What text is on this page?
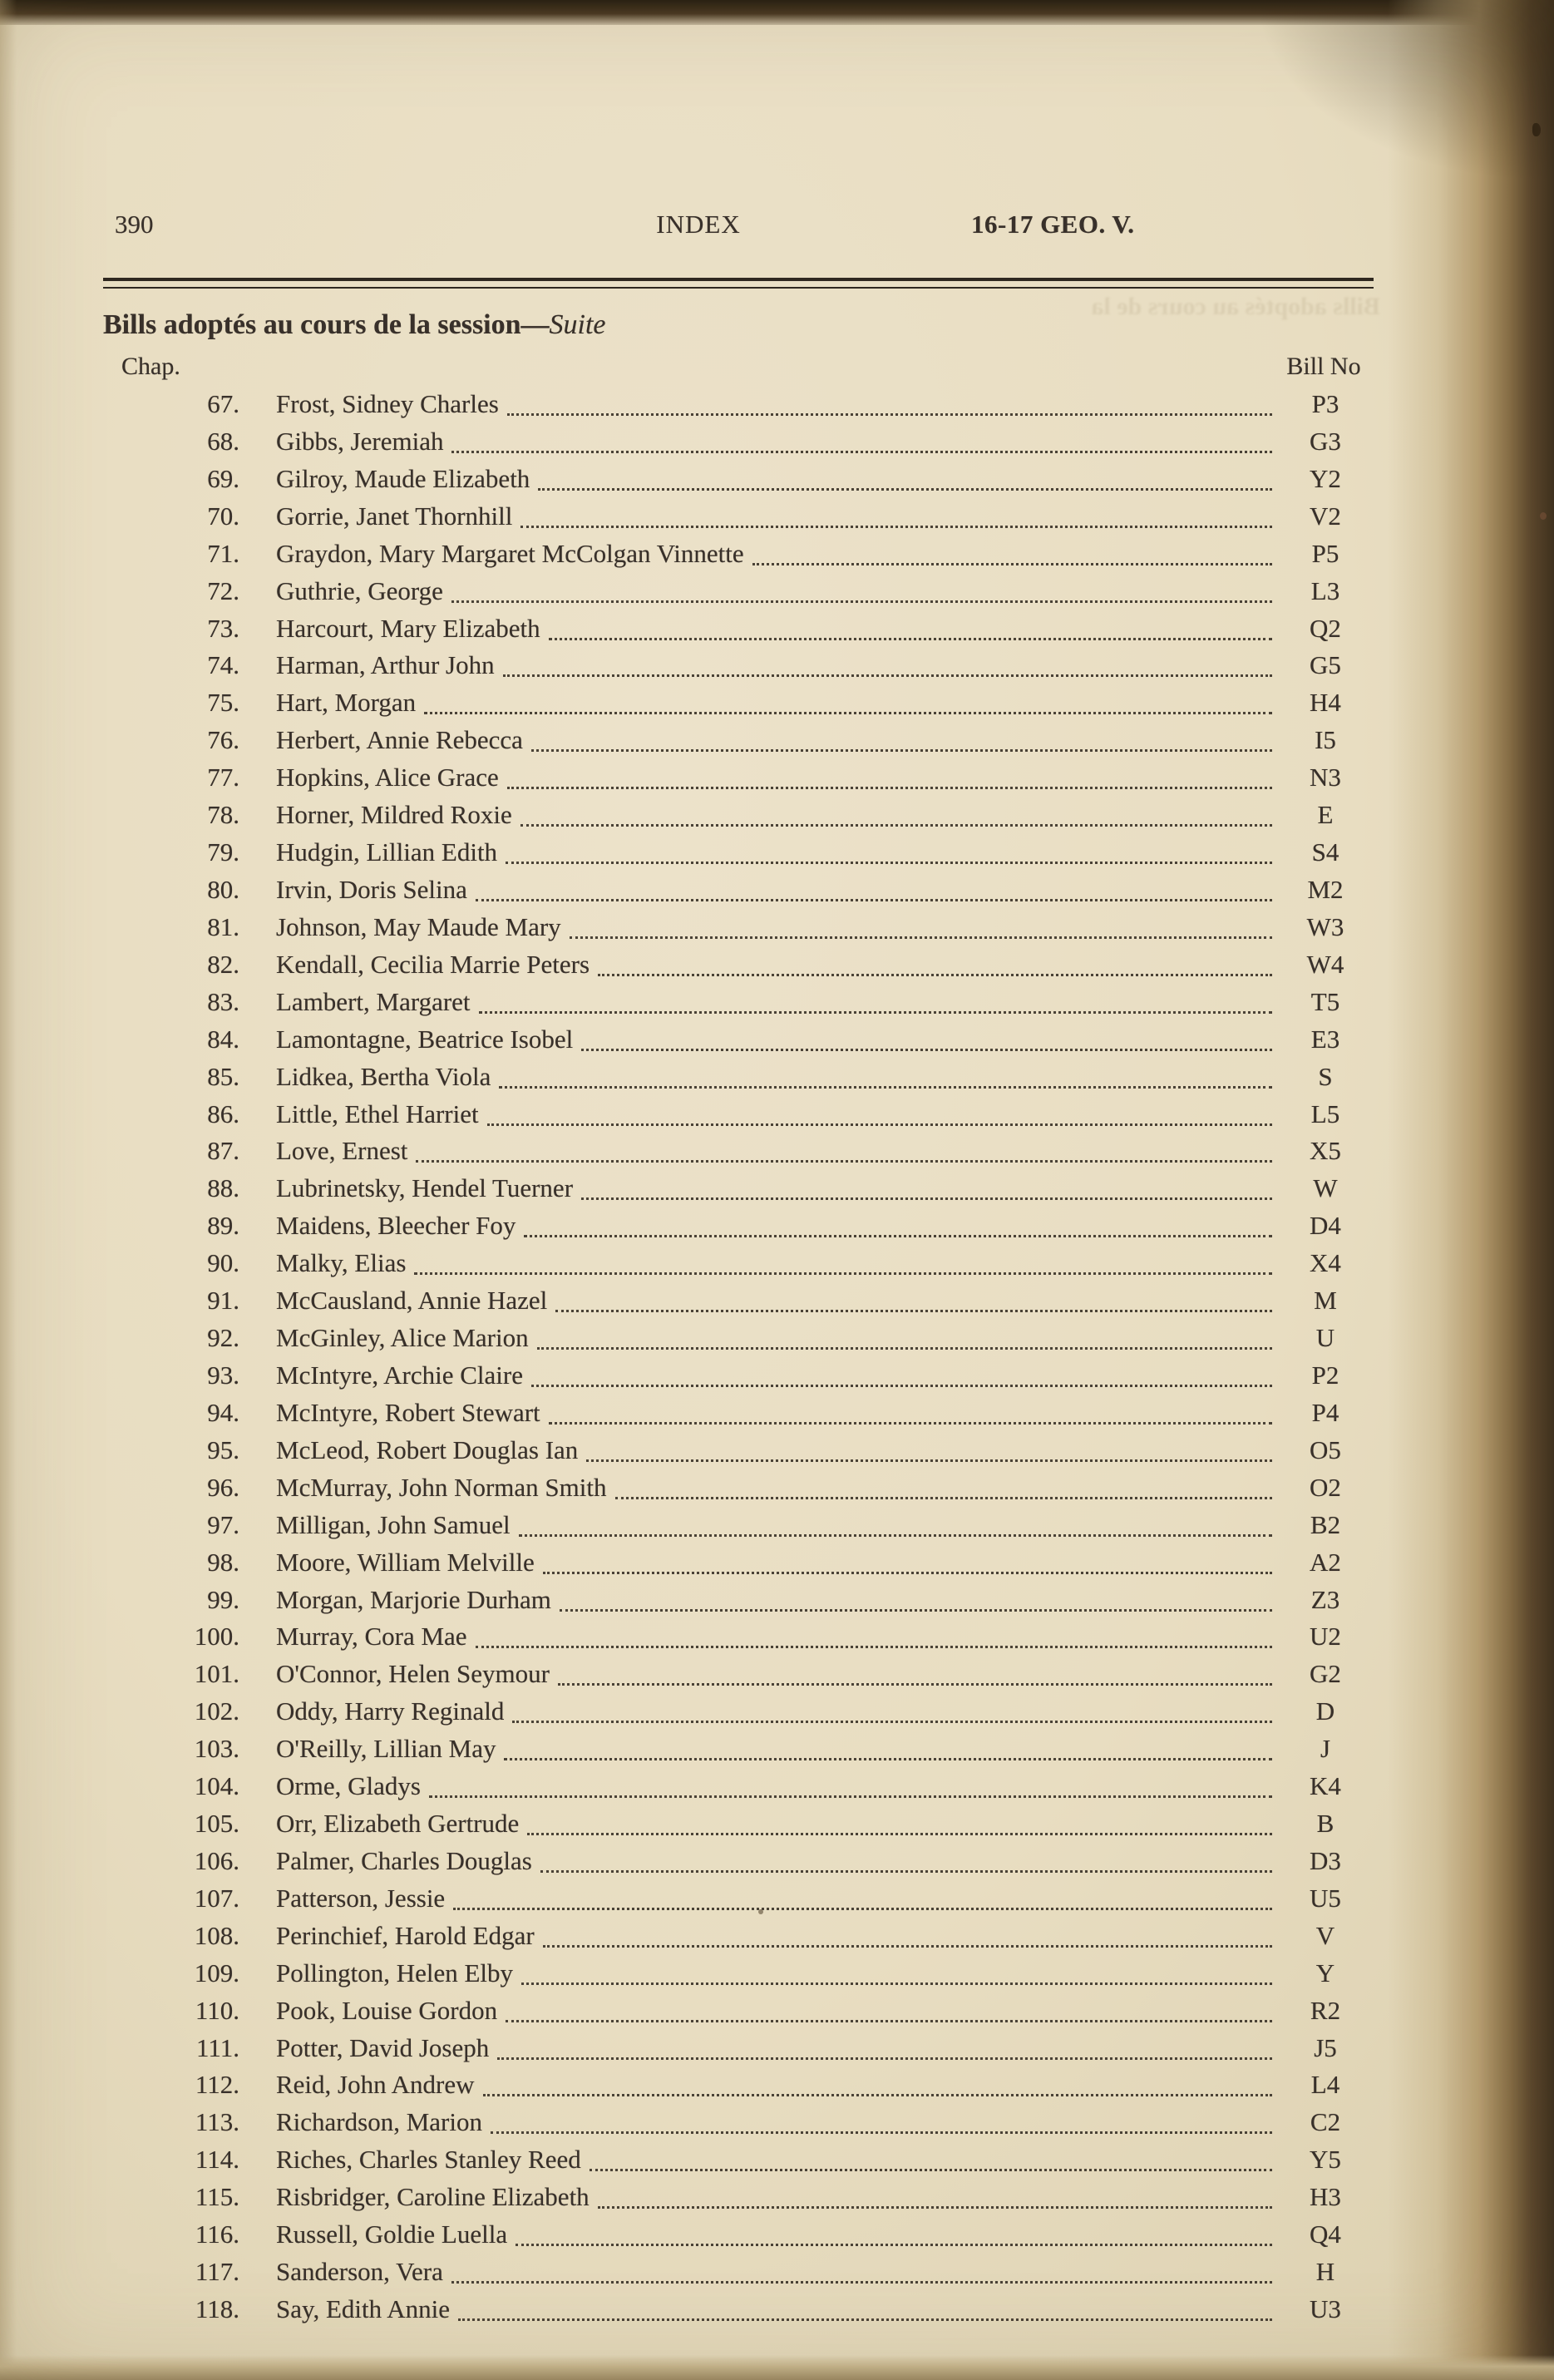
Bills adoptés au cours de la
390	INDEX	16-17 GEO. V.
Bills adoptés au cours de la session—Suite
Chap.	Bill No
67. Frost, Sidney Charles	P3
68. Gibbs, Jeremiah	G3
69. Gilroy, Maude Elizabeth	Y2
70. Gorrie, Janet Thornhill	V2
71. Graydon, Mary Margaret McColgan Vinnette	P5
72. Guthrie, George	L3
73. Harcourt, Mary Elizabeth	Q2
74. Harman, Arthur John	G5
75. Hart, Morgan	H4
76. Herbert, Annie Rebecca	I5
77. Hopkins, Alice Grace	N3
78. Horner, Mildred Roxie	E
79. Hudgin, Lillian Edith	S4
80. Irvin, Doris Selina	M2
81. Johnson, May Maude Mary	W3
82. Kendall, Cecilia Marrie Peters	W4
83. Lambert, Margaret	T5
84. Lamontagne, Beatrice Isobel	E3
85. Lidkea, Bertha Viola	S
86. Little, Ethel Harriet	L5
87. Love, Ernest	X5
88. Lubrinetsky, Hendel Tuerner	W
89. Maidens, Bleecher Foy	D4
90. Malky, Elias	X4
91. McCausland, Annie Hazel	M
92. McGinley, Alice Marion	U
93. McIntyre, Archie Claire	P2
94. McIntyre, Robert Stewart	P4
95. McLeod, Robert Douglas Ian	O5
96. McMurray, John Norman Smith	O2
97. Milligan, John Samuel	B2
98. Moore, William Melville	A2
99. Morgan, Marjorie Durham	Z3
100. Murray, Cora Mae	U2
101. O'Connor, Helen Seymour	G2
102. Oddy, Harry Reginald	D
103. O'Reilly, Lillian May	J
104. Orme, Gladys	K4
105. Orr, Elizabeth Gertrude	B
106. Palmer, Charles Douglas	D3
107. Patterson, Jessie	U5
108. Perinchief, Harold Edgar	V
109. Pollington, Helen Elby	Y
110. Pook, Louise Gordon	R2
111. Potter, David Joseph	J5
112. Reid, John Andrew	L4
113. Richardson, Marion	C2
114. Riches, Charles Stanley Reed	Y5
115. Risbridger, Caroline Elizabeth	H3
116. Russell, Goldie Luella	Q4
117. Sanderson, Vera	H
118. Say, Edith Annie	U3
